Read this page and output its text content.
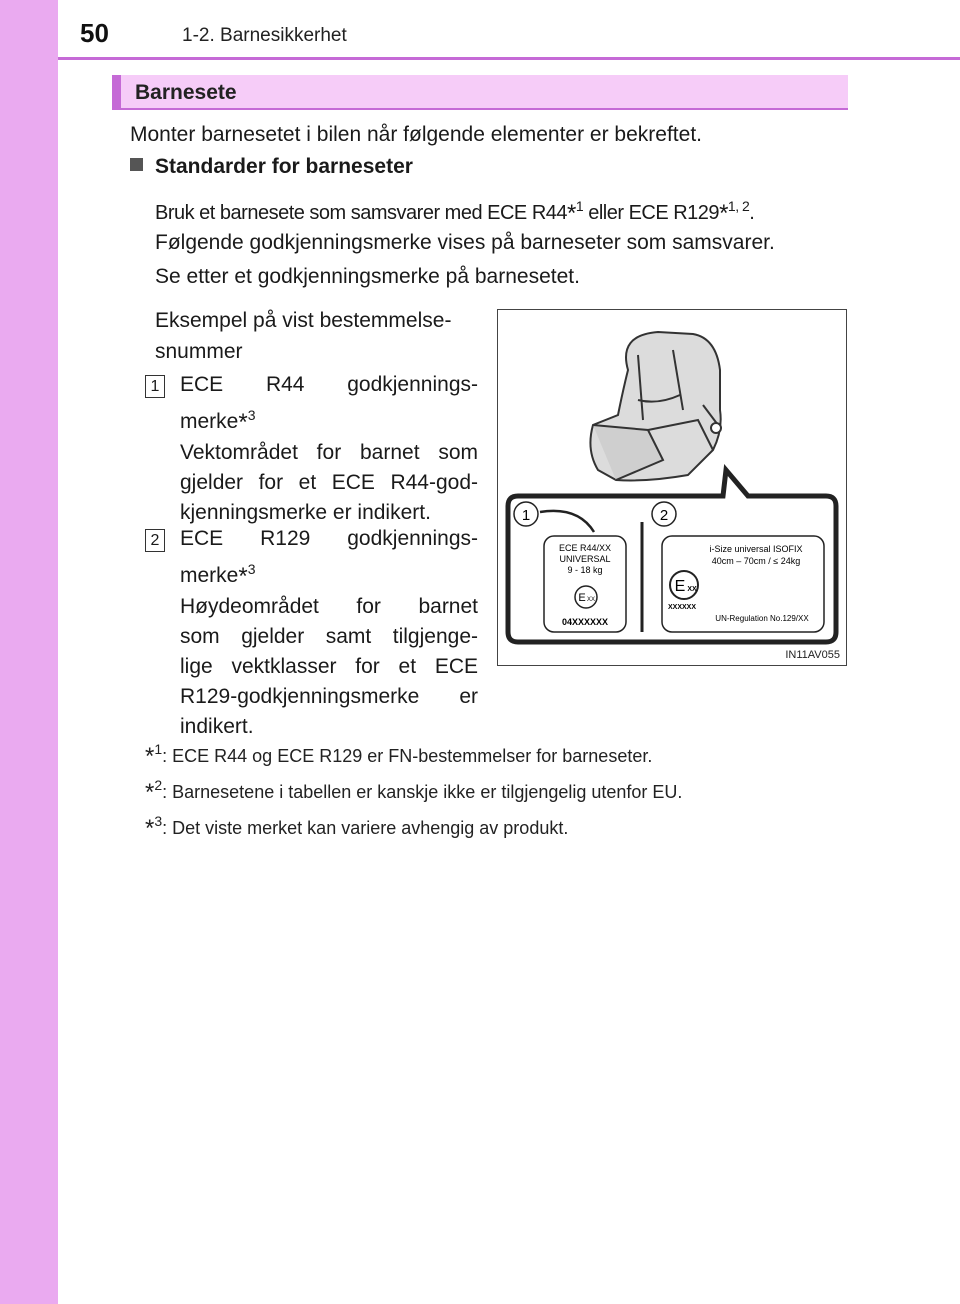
50	1-2. Barnesikkerhet
Barnesete
Monter barnesetet i bilen når følgende elementer er bekreftet.
Standarder for barneseter
Bruk et barnesete som samsvarer med ECE R44*$^1$ eller ECE R129*$^{1, 2}$.
Følgende godkjenningsmerke vises på barneseter som samsvarer.
Se etter et godkjenningsmerke på barnesetet.
Eksempel på vist bestemmelse-
snummer
1 ECE R44 godkjennings-
merke*$^3$
Vektområdet for barnet som
gjelder for et ECE R44-god-
kjenningsmerke er indikert.
2 ECE R129 godkjennings-
merke*$^3$
Høydeområdet for barnet
som gjelder samt tilgjenge-
lige vektklasser for et ECE
R129-godkjenningsmerke er
indikert.
1	2
ECE R44/XX
UNIVERSAL
9 - 18 kg
E XX
04XXXXXX
i-Size universal ISOFIX
40cm – 70cm / ≤ 24kg
E XX
XXXXXX
UN-Regulation No.129/XX
IN11AV055
*$^1$: ECE R44 og ECE R129 er FN-bestemmelser for barneseter.
*$^2$: Barnesetene i tabellen er kanskje ikke er tilgjengelig utenfor EU.
*$^3$: Det viste merket kan variere avhengig av produkt.
